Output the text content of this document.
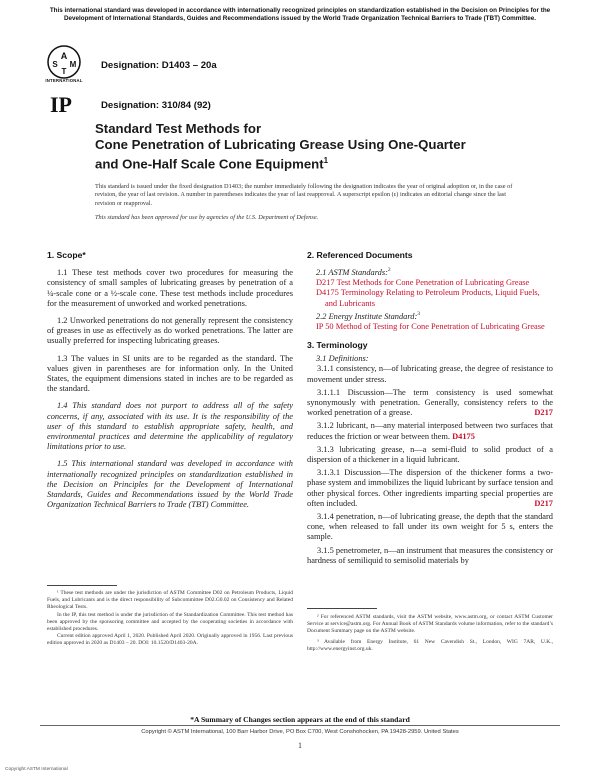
This international standard was developed in accordance with internationally recognized principles on standardization established in the Decision on Principles for the Development of International Standards, Guides and Recommendations issued by the World Trade Organization Technical Barriers to Trade (TBT) Committee.
A
S M
T
INTERNATIONAL
Designation: D1403 – 20a
IP	Designation: 310/84 (92)
Standard Test Methods for
Cone Penetration of Lubricating Grease Using One-Quarter
and One-Half Scale Cone Equipment$^1$
This standard is issued under the fixed designation D1403; the number immediately following the designation indicates the year of original adoption or, in the case of revision, the year of last revision. A number in parentheses indicates the year of last reapproval. A superscript epsilon (ε) indicates an editorial change since the last revision or reapproval.
This standard has been approved for use by agencies of the U.S. Department of Defense.
1. Scope*

1.1 These test methods cover two procedures for measuring the consistency of small samples of lubricating greases by penetration of a ¼-scale cone or a ½-scale cone. These test methods include procedures for the measurement of unworked and worked penetrations.

1.2 Unworked penetrations do not generally represent the consistency of greases in use as effectively as do worked penetrations. The latter are usually preferred for inspecting lubricating greases.

1.3 The values in SI units are to be regarded as the standard. The values given in parentheses are for information only. In the United States, the equipment dimensions stated in inches are to be regarded as the standard.

1.4 This standard does not purport to address all of the safety concerns, if any, associated with its use. It is the responsibility of the user of this standard to establish appropriate safety, health, and environmental practices and determine the applicability of regulatory limitations prior to use.

1.5 This international standard was developed in accordance with internationally recognized principles on standardization established in the Decision on Principles for the Development of International Standards, Guides and Recommendations issued by the World Trade Organization Technical Barriers to Trade (TBT) Committee.

¹ These test methods are under the jurisdiction of ASTM Committee D02 on Petroleum Products, Liquid Fuels, and Lubricants and is the direct responsibility of Subcommittee D02.G0.02 on Consistency and Related Rheological Tests.

In the IP, this test method is under the jurisdiction of the Standardization Committee. This test method has been approved by the sponsoring committee and accepted by the cooperating societies in accordance with established procedures.

Current edition approved April 1, 2020. Published April 2020. Originally approved in 1956. Last previous edition approved in 2020 as D1403 – 20. DOI: 10.1520/D1403-20A.

2. Referenced Documents
2.1 ASTM Standards:$^2$
D217 Test Methods for Cone Penetration of Lubricating Grease
D4175 Terminology Relating to Petroleum Products, Liquid Fuels, and Lubricants
2.2 Energy Institute Standard:$^3$
IP 50 Method of Testing for Cone Penetration of Lubricating Grease
3. Terminology

3.1 Definitions:

3.1.1 consistency, n—of lubricating grease, the degree of resistance to movement under stress.

3.1.1.1 Discussion—The term consistency is used somewhat synonymously with penetration. Generally, consistency refers to the worked penetration of a grease.	D217

3.1.2 lubricant, n—any material interposed between two surfaces that reduces the friction or wear between them. D4175

3.1.3 lubricating grease, n—a semi-fluid to solid product of a dispersion of a thickener in a liquid lubricant.

3.1.3.1 Discussion—The dispersion of the thickener forms a two-phase system and immobilizes the liquid lubricant by surface tension and other physical forces. Other ingredients imparting special properties are often included.	D217

3.1.4 penetration, n—of lubricating grease, the depth that the standard cone, when released to fall under its own weight for 5 s, enters the sample.

3.1.5 penetrometer, n—an instrument that measures the consistency or hardness of semiliquid to semisolid materials by

² For referenced ASTM standards, visit the ASTM website, www.astm.org, or contact ASTM Customer Service at service@astm.org. For Annual Book of ASTM Standards volume information, refer to the standard’s Document Summary page on the ASTM website.

³ Available from Energy Institute, 61 New Cavendish St., London, WIG 7AR, U.K., http://www.energyinst.org.uk.

*A Summary of Changes section appears at the end of this standard
Copyright © ASTM International, 100 Barr Harbor Drive, PO Box C700, West Conshohocken, PA 19428-2959. United States
1
Copyright ASTM International
